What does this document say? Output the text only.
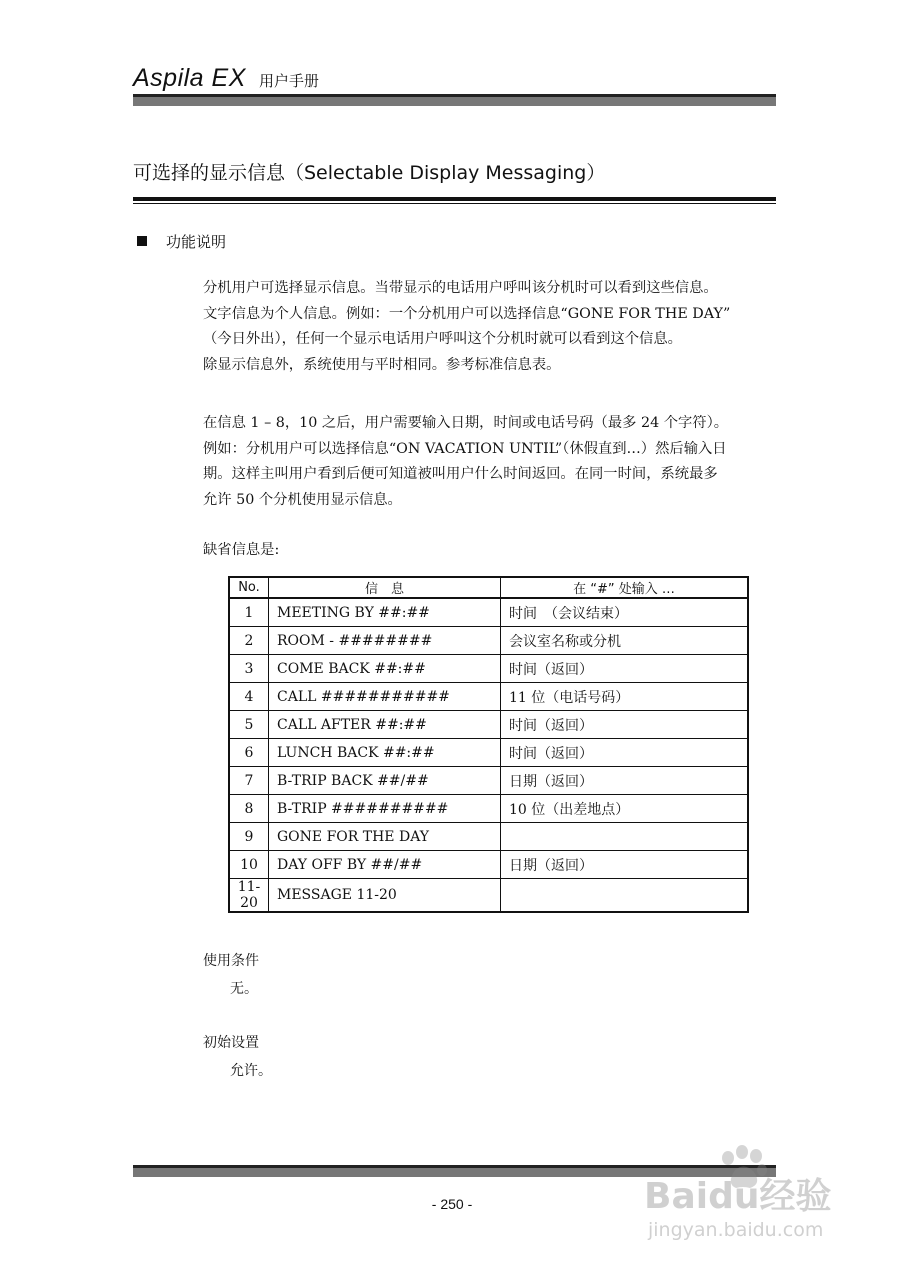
Aspila EX 用户手册
可选择的显示信息（Selectable Display Messaging）
功能说明
分机用户可选择显示信息。当带显示的电话用户呼叫该分机时可以看到这些信息。
文字信息为个人信息。例如：一个分机用户可以选择信息“GONE FOR THE DAY”
（今日外出），任何一个显示电话用户呼叫这个分机时就可以看到这个信息。
除显示信息外，系统使用与平时相同。参考标准信息表。
在信息 1 – 8，10 之后，用户需要输入日期，时间或电话号码（最多 24 个字符）。
例如：分机用户可以选择信息“ON VACATION UNTIL”（休假直到…）然后输入日
期。这样主叫用户看到后便可知道被叫用户什么时间返回。在同一时间，系统最多
允许 50 个分机使用显示信息。
缺省信息是:
No.	信　息	在 “#” 处输入 …
1	MEETING BY ##:##	时间　（会议结束）
2	ROOM - ########	会议室名称或分机
3	COME BACK ##:##	时间（返回）
4	CALL ###########	11 位（电话号码）
5	CALL AFTER ##:##	时间（返回）
6	LUNCH BACK ##:##	时间（返回）
7	B-TRIP BACK ##/##	日期（返回）
8	B-TRIP ##########	10 位（出差地点）
9	GONE FOR THE DAY	
10	DAY OFF BY ##/##	日期（返回）
11-20	MESSAGE 11-20	
使用条件
无。
初始设置
允许。
- 250 -	Baidu经验
jingyan.baidu.com
